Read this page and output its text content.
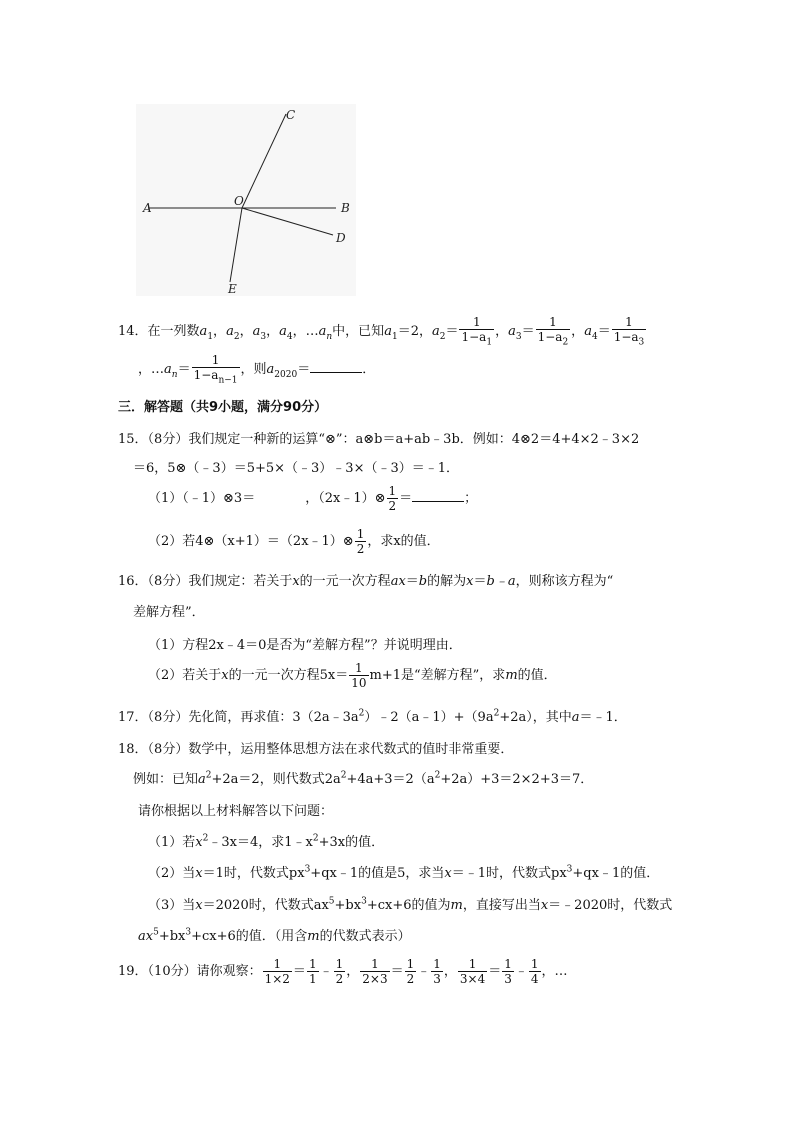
C
O
A	B
D
E
14．在一列数$a_1$，$a_2$，$a_3$，$a_4$，$\dots a_n$中，已知$a_1=2$，$a_2= \frac{1}{1-a_1}$ ，$a_3= \frac{1}{1-a_2}$ ，$a_4= \frac{1}{1-a_3}$
，$\dots a_n= \frac{1}{1-a_{n-1}}$ ，则$a_{2020}=$	．
三．解答题（共9小题，满分90分）
15．（8分）我们规定一种新的运算“⊗”：a⊗b＝a+ab﹣3b．例如：4⊗2＝4+4×2﹣3×2
＝6，5⊗（﹣3）＝5+5×（﹣3）﹣3×（﹣3）＝﹣1．
（1）（﹣1）⊗3＝	，（2x﹣1）⊗ $\frac{1}{2}$ ＝	；
（2）若4⊗（x+1）＝（2x﹣1）⊗ $\frac{1}{2}$ ，求x的值．
16．（8分）我们规定：若关于x的一元一次方程ax＝b的解为x＝b﹣a，则称该方程为“
差解方程”．
（1）方程2x﹣4＝0是否为“差解方程”？并说明理由．
（2）若关于x的一元一次方程$5x= \frac{1}{10} m+1$是“差解方程”，求m的值．
17．（8分）先化简，再求值：$3(2a﹣3a^2)﹣2(a﹣1)+(9a^2+2a)$，其中a＝﹣1．
18．（8分）数学中，运用整体思想方法在求代数式的值时非常重要．
例如：已知$a^2+2a=2$，则代数式$2a^2+4a+3=2(a^2+2a)+3=2\times 2+3=7$．
请你根据以上材料解答以下问题：
（1）若$x^2﹣3x=4$，求$1﹣x^2+3x$的值．
（2）当x＝1时，代数式$px^3+qx﹣1$的值是5，求当x＝﹣1时，代数式$px^3+qx﹣1$的值．
（3）当x＝2020时，代数式$ax^5+bx^3+cx+6$的值为m，直接写出当x＝﹣2020时，代数式
$ax^5+bx^3+cx+6$的值．（用含m的代数式表示）
19．（10分）请你观察： $\frac{1}{1\times 2} = \frac{1}{1}$ ﹣ $\frac{1}{2}$ ， $\frac{1}{2\times 3} = \frac{1}{2}$ ﹣ $\frac{1}{3}$ ， $\frac{1}{3\times 4} = \frac{1}{3}$ ﹣ $\frac{1}{4}$ ，…
